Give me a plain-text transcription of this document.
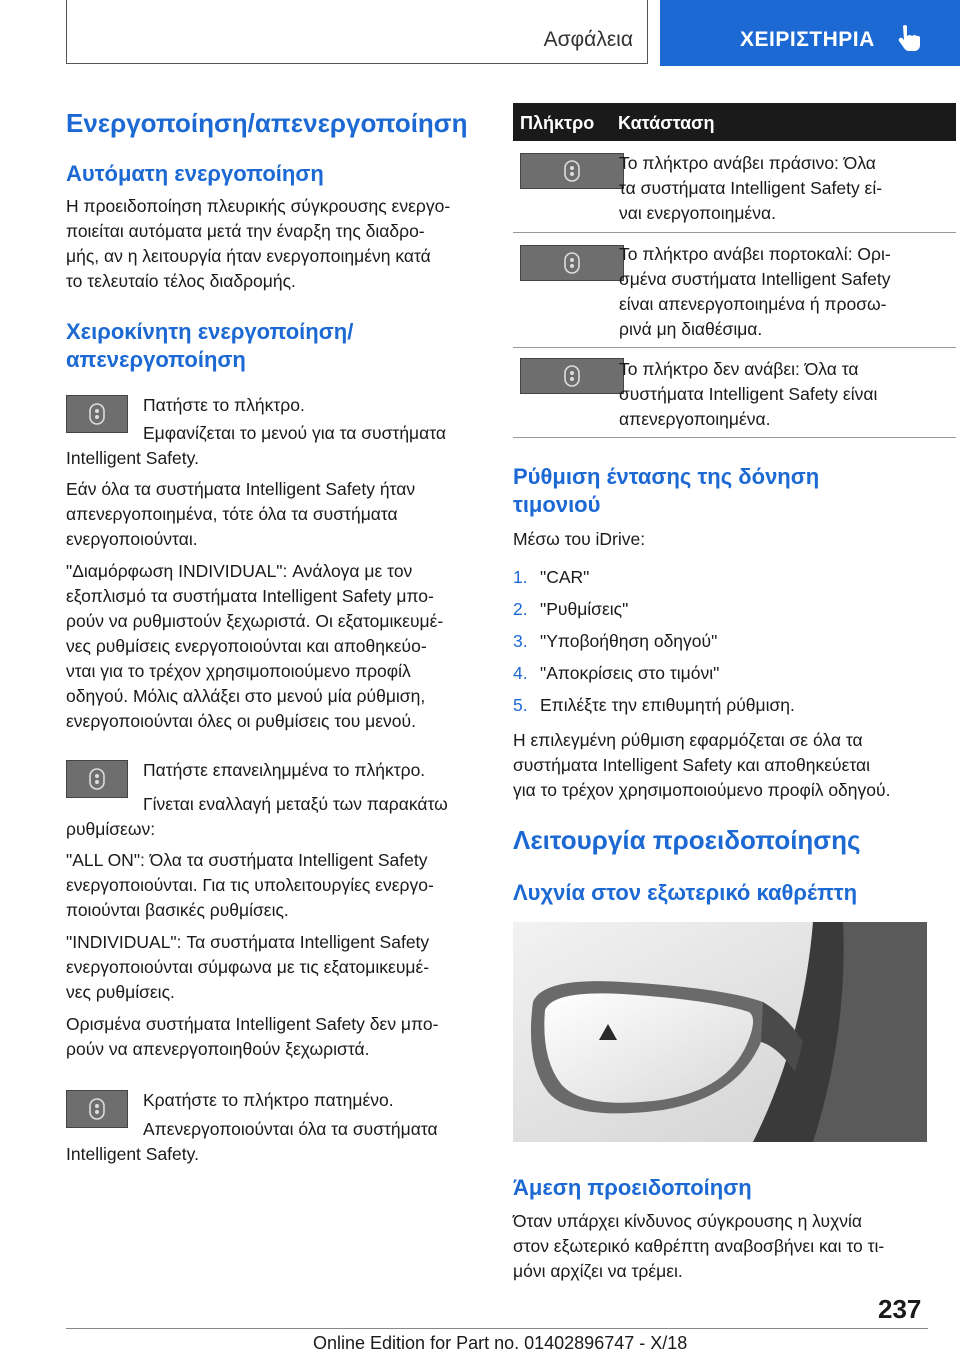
Ασφάλεια	ΧΕΙΡΙΣΤΗΡΙΑ
Ενεργοποίηση/απενεργοποίηση
Αυτόματη ενεργοποίηση

Η προειδοποίηση πλευρικής σύγκρουσης ενεργο-

ποιείται αυτόματα μετά την έναρξη της διαδρο-

μής, αν η λειτουργία ήταν ενεργοποιημένη κατά

το τελευταίο τέλος διαδρομής.

Χειροκίνητη ενεργοποίηση/
απενεργοποίηση

Πατήστε το πλήκτρο.

Εμφανίζεται το μενού για τα συστήματα

Intelligent Safety.

Εάν όλα τα συστήματα Intelligent Safety ήταν

απενεργοποιημένα, τότε όλα τα συστήματα

ενεργοποιούνται.

"Διαμόρφωση INDIVIDUAL": Ανάλογα με τον

εξοπλισμό τα συστήματα Intelligent Safety μπο-

ρούν να ρυθμιστούν ξεχωριστά. Οι εξατομικευμέ-

νες ρυθμίσεις ενεργοποιούνται και αποθηκεύο-

νται για το τρέχον χρησιμοποιούμενο προφίλ

οδηγού. Μόλις αλλάξει στο μενού μία ρύθμιση,

ενεργοποιούνται όλες οι ρυθμίσεις του μενού.

Πατήστε επανειλημμένα το πλήκτρο.

Γίνεται εναλλαγή μεταξύ των παρακάτω

ρυθμίσεων:

"ALL ON": Όλα τα συστήματα Intelligent Safety

ενεργοποιούνται. Για τις υπολειτουργίες ενεργο-

ποιούνται βασικές ρυθμίσεις.

"INDIVIDUAL": Τα συστήματα Intelligent Safety

ενεργοποιούνται σύμφωνα με τις εξατομικευμέ-

νες ρυθμίσεις.

Ορισμένα συστήματα Intelligent Safety δεν μπο-

ρούν να απενεργοποιηθούν ξεχωριστά.

Κρατήστε το πλήκτρο πατημένο.

Απενεργοποιούνται όλα τα συστήματα

Intelligent Safety.

Πλήκτρο Κατάσταση

Το πλήκτρο ανάβει πράσινο: Όλα

τα συστήματα Intelligent Safety εί-

ναι ενεργοποιημένα.

Το πλήκτρο ανάβει πορτοκαλί: Ορι-

σμένα συστήματα Intelligent Safety

είναι απενεργοποιημένα ή προσω-

ρινά μη διαθέσιμα.

Το πλήκτρο δεν ανάβει: Όλα τα

συστήματα Intelligent Safety είναι

απενεργοποιημένα.

Ρύθμιση έντασης της δόνηση
τιμονιού

Μέσω του iDrive:

1. "CAR"
2. "Ρυθμίσεις"
3. "Υποβοήθηση οδηγού"
4. "Αποκρίσεις στο τιμόνι"
5. Επιλέξτε την επιθυμητή ρύθμιση.

Η επιλεγμένη ρύθμιση εφαρμόζεται σε όλα τα

συστήματα Intelligent Safety και αποθηκεύεται

για το τρέχον χρησιμοποιούμενο προφίλ οδηγού.

Λειτουργία προειδοποίησης
Λυχνία στον εξωτερικό καθρέπτη
Άμεση προειδοποίηση

Όταν υπάρχει κίνδυνος σύγκρουσης η λυχνία

στον εξωτερικό καθρέπτη αναβοσβήνει και το τι-

μόνι αρχίζει να τρέμει.

237
Online Edition for Part no. 01402896747 - X/18
